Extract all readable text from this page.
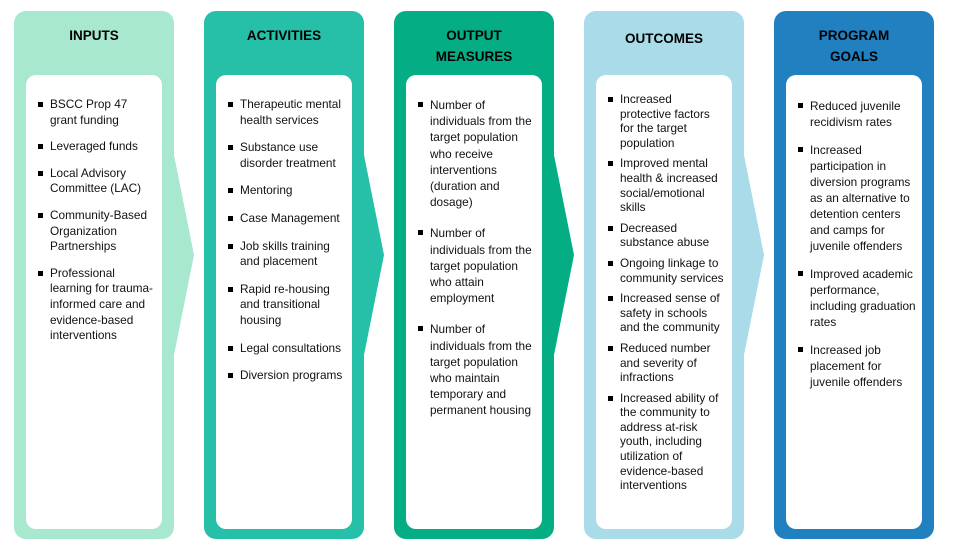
INPUTS
BSCC Prop 47 grant funding
Leveraged funds
Local Advisory Committee (LAC)
Community-Based Organization Partnerships
Professional learning for trauma-informed care and evidence-based interventions
ACTIVITIES
Therapeutic mental health services
Substance use disorder treatment
Mentoring
Case Management
Job skills training and placement
Rapid re-housing and transitional housing
Legal consultations
Diversion programs
OUTPUT
MEASURES
Number of individuals from the target population who receive interventions (duration and dosage)
Number of individuals from the target population who attain employment
Number of individuals from the target population who maintain temporary and permanent housing
OUTCOMES
Increased protective factors for the target population
Improved mental health & increased social/emotional skills
Decreased substance abuse
Ongoing linkage to community services
Increased sense of safety in schools and the community
Reduced number and severity of infractions
Increased ability of the community to address at-risk youth, including utilization of evidence-based interventions
PROGRAM
GOALS
Reduced juvenile recidivism rates
Increased participation in diversion programs as an alternative to detention centers and camps for juvenile offenders
Improved academic performance, including graduation rates
Increased job placement for juvenile offenders
